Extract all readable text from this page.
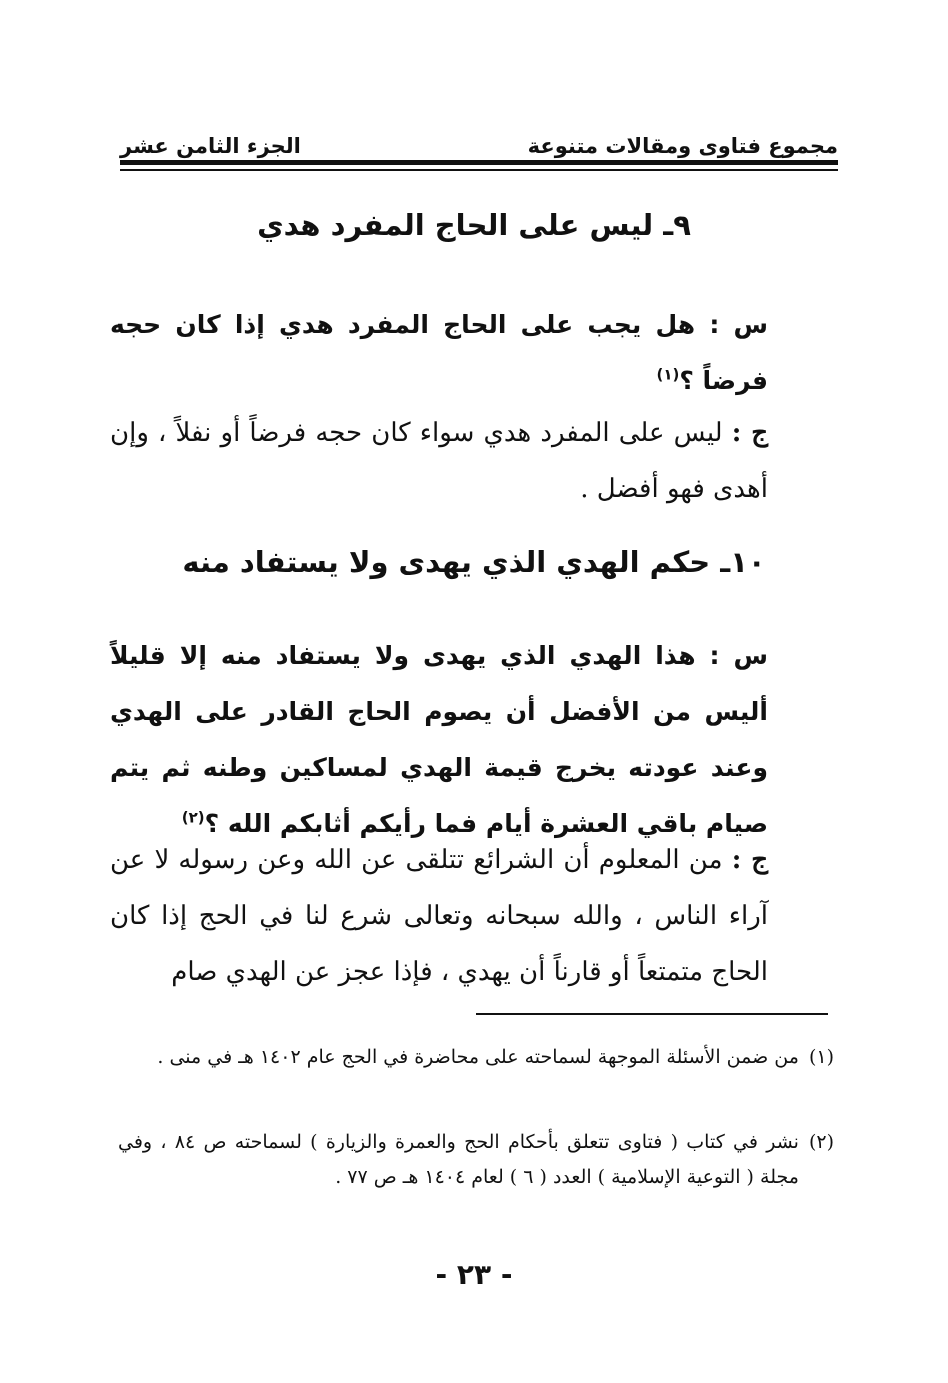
مجموع فتاوى ومقالات متنوعة
الجزء الثامن عشر
٩ـ ليس على الحاج المفرد هدي
س : هل يجب على الحاج المفرد هدي إذا كان حجه فرضاً ؟$^{(١)}$
ج : ليس على المفرد هدي سواء كان حجه فرضاً أو نفلاً ، وإن أهدى فهو أفضل .
١٠ـ حكم الهدي الذي يهدى ولا يستفاد منه
س : هذا الهدي الذي يهدى ولا يستفاد منه إلا قليلاً أليس من الأفضل أن يصوم الحاج القادر على الهدي وعند عودته يخرج قيمة الهدي لمساكين وطنه ثم يتم صيام باقي العشرة أيام فما رأيكم أثابكم الله ؟$^{(٢)}$
ج : من المعلوم أن الشرائع تتلقى عن الله وعن رسوله لا عن آراء الناس ، والله سبحانه وتعالى شرع لنا في الحج إذا كان الحاج متمتعاً أو قارناً أن يهدي ، فإذا عجز عن الهدي صام
(١)
من ضمن الأسئلة الموجهة لسماحته على محاضرة في الحج عام ١٤٠٢ هـ في منى .
(٢)
نشر في كتاب ( فتاوى تتعلق بأحكام الحج والعمرة والزيارة ) لسماحته ص ٨٤ ، وفي مجلة ( التوعية الإسلامية ) العدد ( ٦ ) لعام ١٤٠٤ هـ ص ٧٧ .
- ٢٣ -
